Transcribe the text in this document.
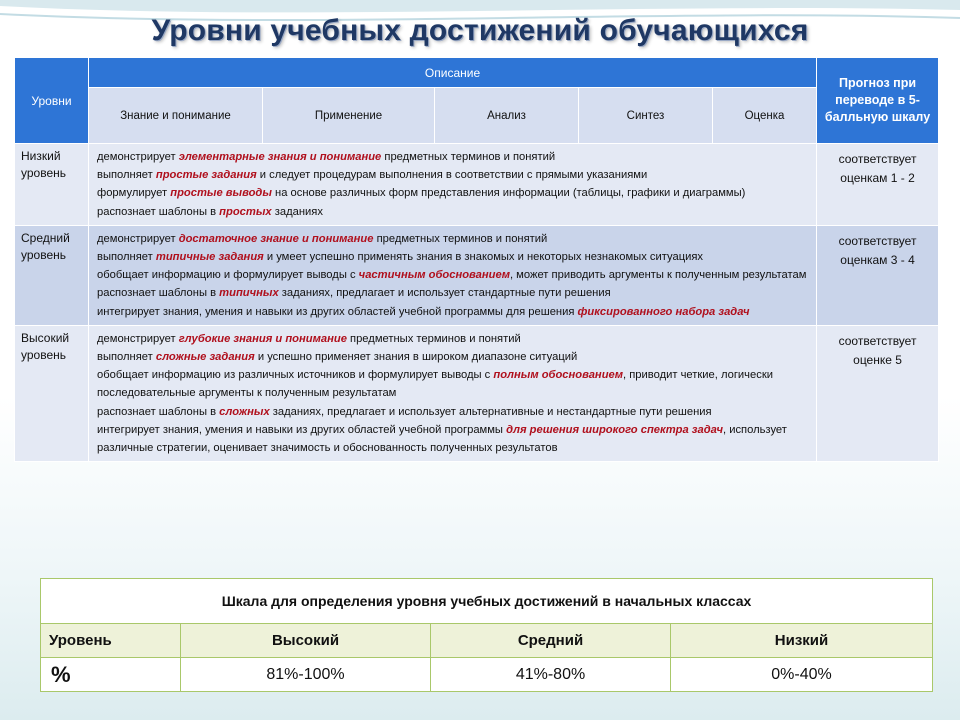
Уровни учебных достижений обучающихся
Уровни	Описание					Прогноз при переводе в 5-балльную шкалу
	Знание и понимание	Применение	Анализ	Синтез	Оценка	
Низкий уровень	демонстрирует элементарные знания и понимание предметных терминов и понятий
выполняет простые задания и следует процедурам выполнения в соответствии с прямыми указаниями
формулирует простые выводы на основе различных форм представления информации (таблицы, графики и диаграммы)
распознает шаблоны в простых заданиях					соответствует оценкам 1 - 2
Средний уровень	демонстрирует достаточное знание и понимание предметных терминов и понятий
выполняет типичные задания и умеет успешно применять знания в знакомых и некоторых незнакомых ситуациях
обобщает информацию и формулирует выводы с частичным обоснованием, может приводить аргументы к полученным результатам
распознает шаблоны в типичных заданиях, предлагает и использует стандартные пути решения
интегрирует знания, умения и навыки из других областей учебной программы для решения фиксированного набора задач					соответствует оценкам 3 - 4
Высокий уровень	демонстрирует глубокие знания и понимание предметных терминов и понятий
выполняет сложные задания и успешно применяет знания в широком диапазоне ситуаций
обобщает информацию из различных источников и формулирует выводы с полным обоснованием, приводит четкие, логически последовательные аргументы к полученным результатам
распознает шаблоны в сложных заданиях, предлагает и использует альтернативные и нестандартные пути решения
интегрирует знания, умения и навыки из других областей учебной программы для решения широкого спектра задач, использует различные стратегии, оценивает значимость и обоснованность полученных результатов					соответствует оценке 5
Шкала для определения уровня учебных достижений в начальных классах			
Уровень	Высокий	Средний	Низкий
%	81%-100%	41%-80%	0%-40%
